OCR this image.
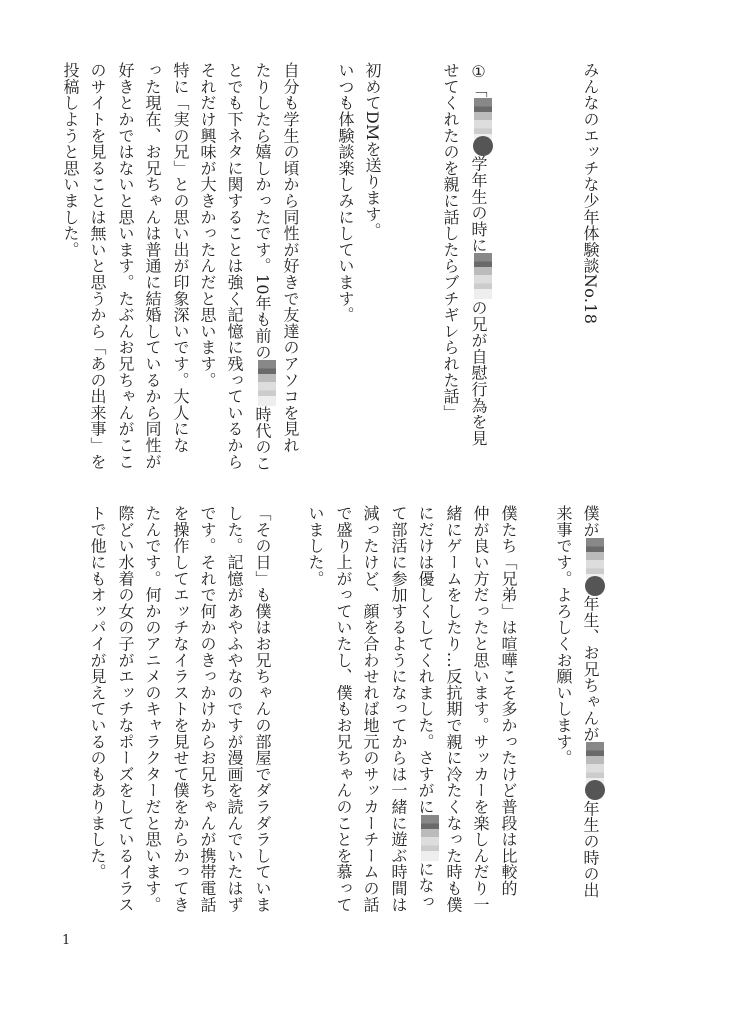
みんなのエッチな少年体験談No.18
①「学年生の時にの兄が自慰行為を見
せてくれたのを親に話したらブチギレられた話」
初めてDMを送ります。
いつも体験談楽しみにしています。
自分も学生の頃から同性が好きで友達のアソコを見れ
たりしたら嬉しかったです。10年も前の時代のこ
とでも下ネタに関することは強く記憶に残っているから
それだけ興味が大きかったんだと思います。
特に「実の兄」との思い出が印象深いです。大人にな
った現在、お兄ちゃんは普通に結婚しているから同性が
好きとかではないと思います。たぶんお兄ちゃんがここ
のサイトを見ることは無いと思うから「あの出来事」を
投稿しようと思いました。
僕が年生、お兄ちゃんが年生の時の出
来事です。よろしくお願いします。
僕たち「兄弟」は喧嘩こそ多かったけど普段は比較的
仲が良い方だったと思います。サッカーを楽しんだり一
緒にゲームをしたり…反抗期で親に冷たくなった時も僕
にだけは優しくしてくれました。さすがにになっ
て部活に参加するようになってからは一緒に遊ぶ時間は
減ったけど、顔を合わせれば地元のサッカーチームの話
で盛り上がっていたし、僕もお兄ちゃんのことを慕って
いました。
「その日」も僕はお兄ちゃんの部屋でダラダラしていま
した。記憶があやふやなのですが漫画を読んでいたはず
です。それで何かのきっかけからお兄ちゃんが携帯電話
を操作してエッチなイラストを見せて僕をからかってき
たんです。何かのアニメのキャラクターだと思います。
際どい水着の女の子がエッチなポーズをしているイラス
トで他にもオッパイが見えているのもありました。
1
